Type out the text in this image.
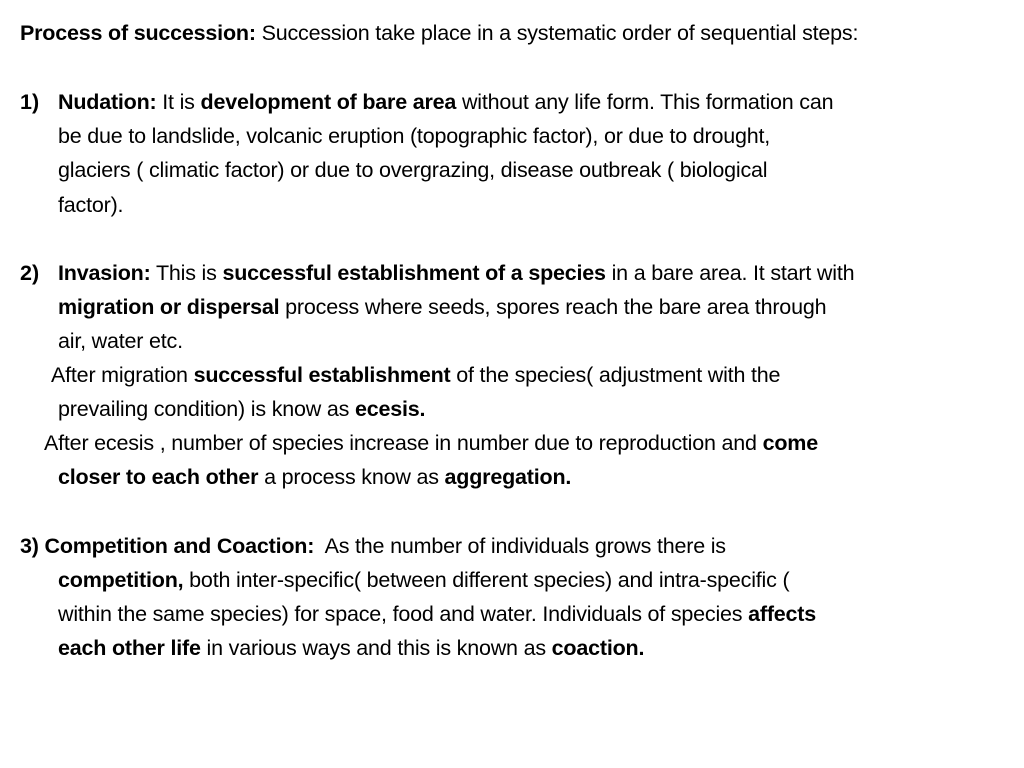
Process of succession: Succession take place in a systematic order of sequential steps:
1) Nudation: It is development of bare area without any life form. This formation can
be due to landslide, volcanic eruption (topographic factor), or due to drought,
glaciers ( climatic factor) or due to overgrazing, disease outbreak ( biological
factor).
2) Invasion: This is successful establishment of a species in a bare area. It start with
migration or dispersal process where seeds, spores reach the bare area through
air, water etc.
After migration successful establishment of the species( adjustment with the
prevailing condition) is know as ecesis.
After ecesis , number of species increase in number due to reproduction and come
closer to each other a process know as aggregation.
3) Competition and Coaction:  As the number of individuals grows there is
competition, both inter-specific( between different species) and intra-specific (
within the same species) for space, food and water. Individuals of species affects
each other life in various ways and this is known as coaction.
